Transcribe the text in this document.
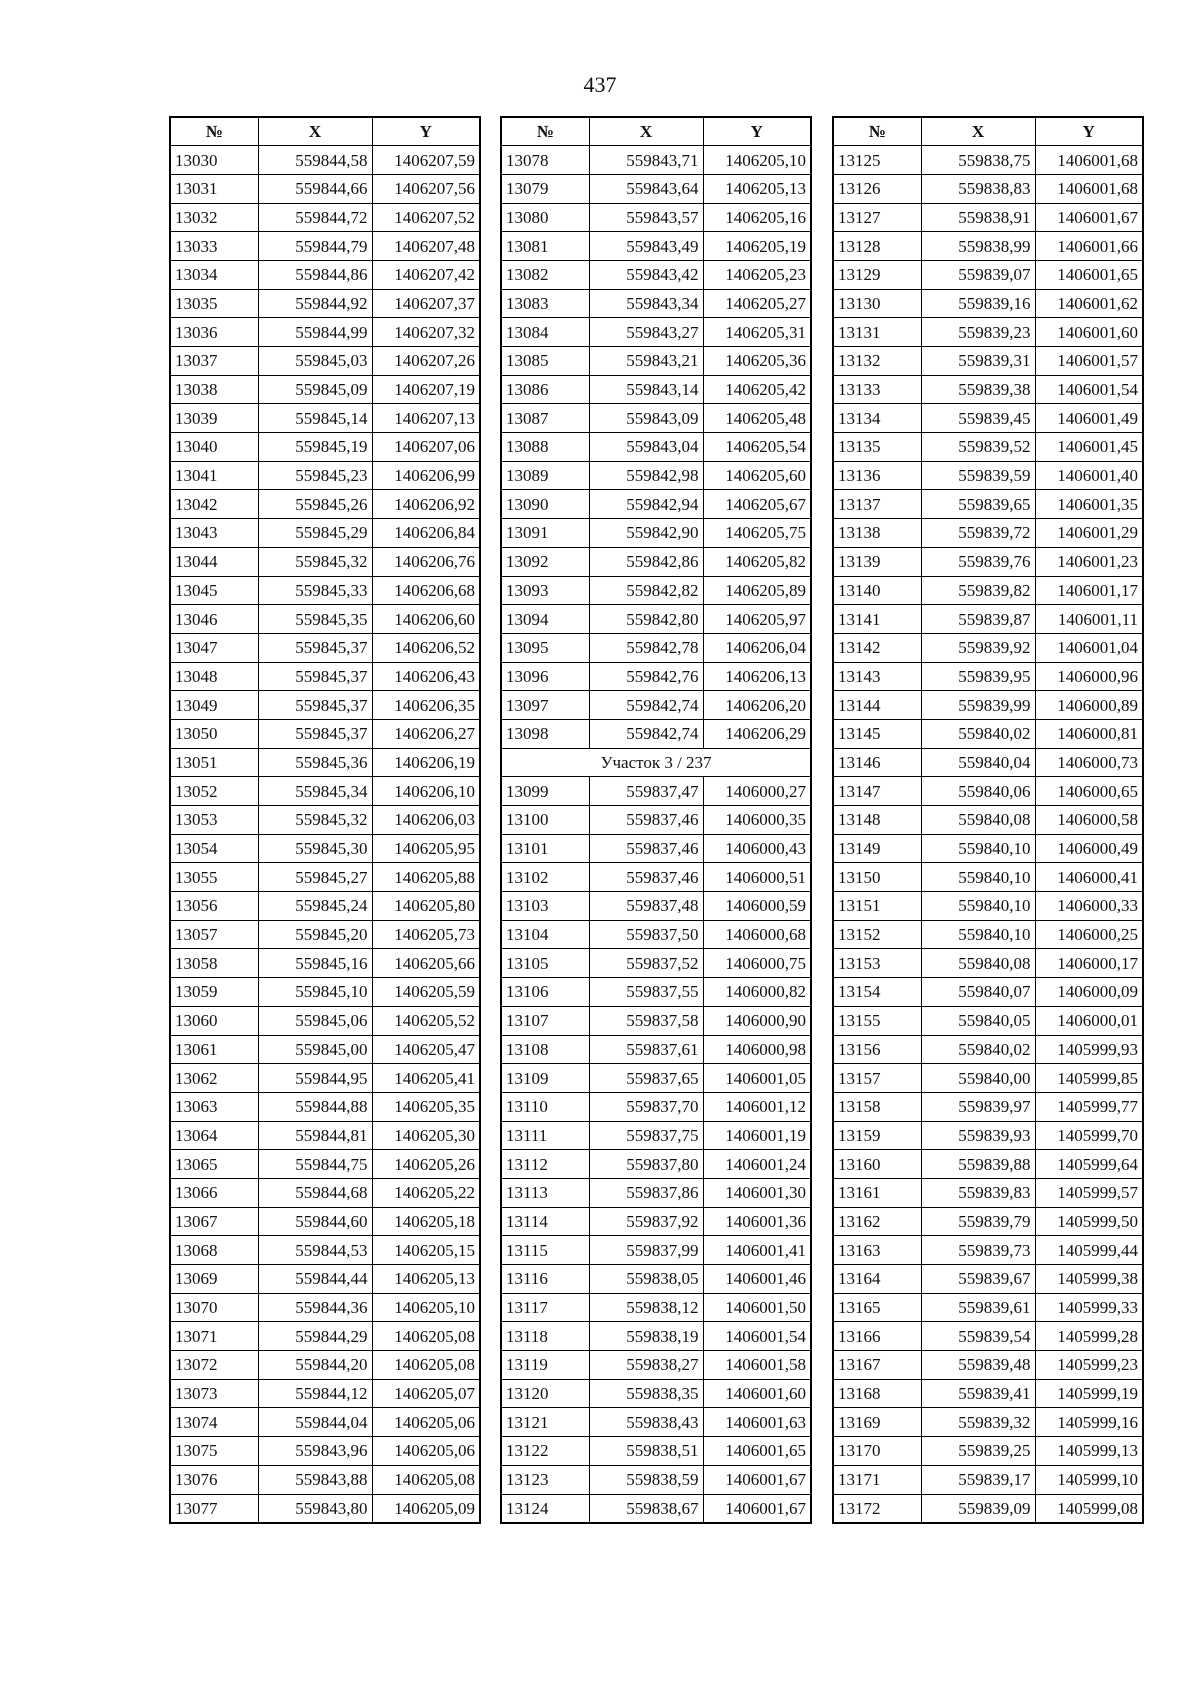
437
№	X	Y
13030	559844,58	1406207,59
13031	559844,66	1406207,56
13032	559844,72	1406207,52
13033	559844,79	1406207,48
13034	559844,86	1406207,42
13035	559844,92	1406207,37
13036	559844,99	1406207,32
13037	559845,03	1406207,26
13038	559845,09	1406207,19
13039	559845,14	1406207,13
13040	559845,19	1406207,06
13041	559845,23	1406206,99
13042	559845,26	1406206,92
13043	559845,29	1406206,84
13044	559845,32	1406206,76
13045	559845,33	1406206,68
13046	559845,35	1406206,60
13047	559845,37	1406206,52
13048	559845,37	1406206,43
13049	559845,37	1406206,35
13050	559845,37	1406206,27
13051	559845,36	1406206,19
13052	559845,34	1406206,10
13053	559845,32	1406206,03
13054	559845,30	1406205,95
13055	559845,27	1406205,88
13056	559845,24	1406205,80
13057	559845,20	1406205,73
13058	559845,16	1406205,66
13059	559845,10	1406205,59
13060	559845,06	1406205,52
13061	559845,00	1406205,47
13062	559844,95	1406205,41
13063	559844,88	1406205,35
13064	559844,81	1406205,30
13065	559844,75	1406205,26
13066	559844,68	1406205,22
13067	559844,60	1406205,18
13068	559844,53	1406205,15
13069	559844,44	1406205,13
13070	559844,36	1406205,10
13071	559844,29	1406205,08
13072	559844,20	1406205,08
13073	559844,12	1406205,07
13074	559844,04	1406205,06
13075	559843,96	1406205,06
13076	559843,88	1406205,08
13077	559843,80	1406205,09
№	X	Y
13078	559843,71	1406205,10
13079	559843,64	1406205,13
13080	559843,57	1406205,16
13081	559843,49	1406205,19
13082	559843,42	1406205,23
13083	559843,34	1406205,27
13084	559843,27	1406205,31
13085	559843,21	1406205,36
13086	559843,14	1406205,42
13087	559843,09	1406205,48
13088	559843,04	1406205,54
13089	559842,98	1406205,60
13090	559842,94	1406205,67
13091	559842,90	1406205,75
13092	559842,86	1406205,82
13093	559842,82	1406205,89
13094	559842,80	1406205,97
13095	559842,78	1406206,04
13096	559842,76	1406206,13
13097	559842,74	1406206,20
13098	559842,74	1406206,29
Участок 3 / 237		
13099	559837,47	1406000,27
13100	559837,46	1406000,35
13101	559837,46	1406000,43
13102	559837,46	1406000,51
13103	559837,48	1406000,59
13104	559837,50	1406000,68
13105	559837,52	1406000,75
13106	559837,55	1406000,82
13107	559837,58	1406000,90
13108	559837,61	1406000,98
13109	559837,65	1406001,05
13110	559837,70	1406001,12
13111	559837,75	1406001,19
13112	559837,80	1406001,24
13113	559837,86	1406001,30
13114	559837,92	1406001,36
13115	559837,99	1406001,41
13116	559838,05	1406001,46
13117	559838,12	1406001,50
13118	559838,19	1406001,54
13119	559838,27	1406001,58
13120	559838,35	1406001,60
13121	559838,43	1406001,63
13122	559838,51	1406001,65
13123	559838,59	1406001,67
13124	559838,67	1406001,67
№	X	Y
13125	559838,75	1406001,68
13126	559838,83	1406001,68
13127	559838,91	1406001,67
13128	559838,99	1406001,66
13129	559839,07	1406001,65
13130	559839,16	1406001,62
13131	559839,23	1406001,60
13132	559839,31	1406001,57
13133	559839,38	1406001,54
13134	559839,45	1406001,49
13135	559839,52	1406001,45
13136	559839,59	1406001,40
13137	559839,65	1406001,35
13138	559839,72	1406001,29
13139	559839,76	1406001,23
13140	559839,82	1406001,17
13141	559839,87	1406001,11
13142	559839,92	1406001,04
13143	559839,95	1406000,96
13144	559839,99	1406000,89
13145	559840,02	1406000,81
13146	559840,04	1406000,73
13147	559840,06	1406000,65
13148	559840,08	1406000,58
13149	559840,10	1406000,49
13150	559840,10	1406000,41
13151	559840,10	1406000,33
13152	559840,10	1406000,25
13153	559840,08	1406000,17
13154	559840,07	1406000,09
13155	559840,05	1406000,01
13156	559840,02	1405999,93
13157	559840,00	1405999,85
13158	559839,97	1405999,77
13159	559839,93	1405999,70
13160	559839,88	1405999,64
13161	559839,83	1405999,57
13162	559839,79	1405999,50
13163	559839,73	1405999,44
13164	559839,67	1405999,38
13165	559839,61	1405999,33
13166	559839,54	1405999,28
13167	559839,48	1405999,23
13168	559839,41	1405999,19
13169	559839,32	1405999,16
13170	559839,25	1405999,13
13171	559839,17	1405999,10
13172	559839,09	1405999,08
